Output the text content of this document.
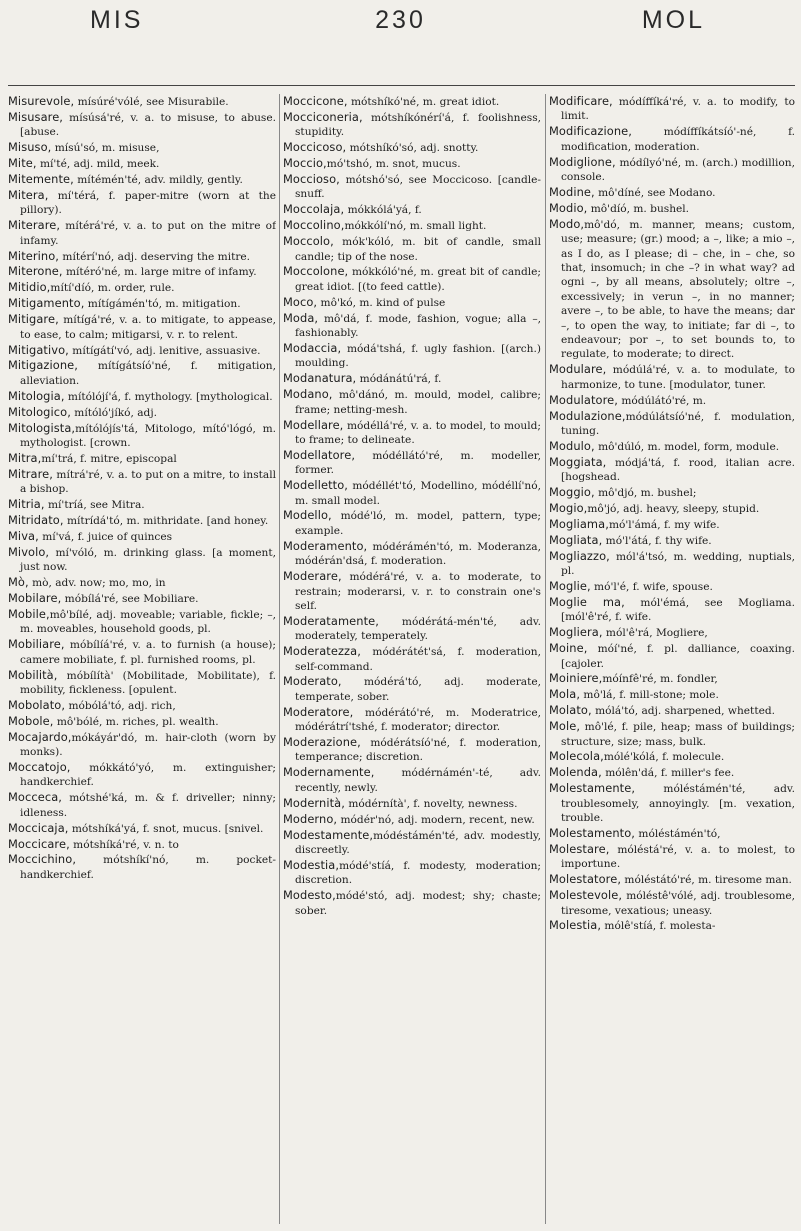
MIS	230	MOL
Misurevole, mísúré'vólé, see Misurabile.
Misusare, mísúsá'ré, v. a. to misuse, to abuse. [abuse.
Misuso, mísú'só, m. misuse,
Mite, mí'té, adj. mild, meek.
Mitemente, mítémén'té, adv. mildly, gently.
Mitera, mí'térá, f. paper-mitre (worn at the pillory).
Miterare, mítérá'ré, v. a. to put on the mitre of infamy.
Miterino, mítérí'nó, adj. deserving the mitre.
Miterone, mítéró'né, m. large mitre of infamy.
Mitidio,mítí'díó, m. order, rule.
Mitigamento, mítígámén'tó, m. mitigation.
Mitigare, mítígá'ré, v. a. to mitigate, to appease, to ease, to calm; mitigarsi, v. r. to relent.
Mitigativo, mítígátí'vó, adj. lenitive, assuasive.
Mitigazione, mítígátsíó'né, f. mitigation, alleviation.
Mitologia, mítólójí'á, f. mythology. [mythological.
Mitologico, mítóló'jíkó, adj.
Mitologista,mítólójís'tá, Mitologo, mító'lógó, m. mythologist. [crown.
Mitra,mí'trá, f. mitre, episcopal
Mitrare, mítrá'ré, v. a. to put on a mitre, to install a bishop.
Mitria, mí'tríá, see Mitra.
Mitridato, mítrídá'tó, m. mithridate. [and honey.
Miva, mí'vá, f. juice of quinces
Mivolo, mí'vóló, m. drinking glass. [a moment, just now.
Mò, mò, adv. now; mo, mo, in
Mobilare, móbílá'ré, see Mobiliare.
Mobile,mô'bílé, adj. moveable; variable, fickle; –, m. moveables, household goods, pl.
Mobiliare, móbílíá'ré, v. a. to furnish (a house); camere mobiliate, f. pl. furnished rooms, pl.
Mobilità, móbílítà' (Mobilitade, Mobilitate), f. mobility, fickleness. [opulent.
Mobolato, móbólá'tó, adj. rich,
Mobole, mô'bólé, m. riches, pl. wealth.
Mocajardo,mókáyár'dó, m. hair-cloth (worn by monks).
Moccatojo, mókkátó'yó, m. extinguisher; handkerchief.
Mocceca, mótshé'ká, m. & f. driveller; ninny; idleness.
Moccicaja, mótshíká'yá, f. snot, mucus. [snivel.
Moccicare, mótshíká'ré, v. n. to
Moccichino, mótshíkí'nó, m. pocket-handkerchief.
Moccicone, mótshíkó'né, m. great idiot.
Mocciconeria, mótshíkónérí'á, f. foolishness, stupidity.
Moccicoso, mótshíkó'só, adj. snotty.
Moccio,mó'tshó, m. snot, mucus.
Moccioso, mótshó'só, see Moccicoso. [candle-snuff.
Moccolaja, mókkólá'yá, f.
Moccolino,mókkólí'nó, m. small light.
Moccolo, mók'kóló, m. bit of candle, small candle; tip of the nose.
Moccolone, mókkóló'né, m. great bit of candle; great idiot. [(to feed cattle).
Moco, mô'kó, m. kind of pulse
Moda, mô'dá, f. mode, fashion, vogue; alla –, fashionably.
Modaccia, módá'tshá, f. ugly fashion. [(arch.) moulding.
Modanatura, módánátú'rá, f.
Modano, mô'dánó, m. mould, model, calibre; frame; netting-mesh.
Modellare, módéllá'ré, v. a. to model, to mould; to frame; to delineate.
Modellatore, módéllátó'ré, m. modeller, former.
Modelletto, módéllét'tó, Modellino, módéllí'nó, m. small model.
Modello, módé'ló, m. model, pattern, type; example.
Moderamento, módérámén'tó, m. Moderanza, módérán'dsá, f. moderation.
Moderare, módérá'ré, v. a. to moderate, to restrain; moderarsi, v. r. to constrain one's self.
Moderatamente, módérátá-mén'té, adv. moderately, temperately.
Moderatezza, módérátét'sá, f. moderation, self-command.
Moderato, módérá'tó, adj. moderate, temperate, sober.
Moderatore, módérátó'ré, m. Moderatrice, módérátrí'tshé, f. moderator; director.
Moderazione, módérátsíó'né, f. moderation, temperance; discretion.
Modernamente, módérnámén'-té, adv. recently, newly.
Modernità, módérnítà', f. novelty, newness.
Moderno, módér'nó, adj. modern, recent, new.
Modestamente,módéstámén'té, adv. modestly, discreetly.
Modestia,módé'stíá, f. modesty, moderation; discretion.
Modesto,módé'stó, adj. modest; shy; chaste; sober.
Modificare, módíffíká'ré, v. a. to modify, to limit.
Modificazione, módíffíkátsíó'-né, f. modification, moderation.
Modiglione, módílyó'né, m. (arch.) modillion, console.
Modine, mô'díné, see Modano.
Modio, mô'díó, m. bushel.
Modo,mô'dó, m. manner, means; custom, use; measure; (gr.) mood; a –, like; a mio –, as I do, as I please; di – che, in – che, so that, insomuch; in che –? in what way? ad ogni –, by all means, absolutely; oltre –, excessively; in verun –, in no manner; avere –, to be able, to have the means; dar –, to open the way, to initiate; far di –, to endeavour; por –, to set bounds to, to regulate, to moderate; to direct.
Modulare, módúlá'ré, v. a. to modulate, to harmonize, to tune. [modulator, tuner.
Modulatore, módúlátó'ré, m.
Modulazione,módúlátsíó'né, f. modulation, tuning.
Modulo, mô'dúló, m. model, form, module.
Moggiata, módjá'tá, f. rood, italian acre. [hogshead.
Moggio, mô'djó, m. bushel;
Mogio,mô'jó, adj. heavy, sleepy, stupid.
Mogliama,mó'l'ámá, f. my wife.
Mogliata, mó'l'átá, f. thy wife.
Mogliazzo, mól'á'tsó, m. wedding, nuptials, pl.
Moglie, mó'l'é, f. wife, spouse.
Moglie ma, mól'émá, see Mogliama. [mól'ê'ré, f. wife.
Mogliera, mól'ê'rá, Mogliere,
Moine, móí'né, f. pl. dalliance, coaxing. [cajoler.
Moiniere,móínfê'ré, m. fondler,
Mola, mô'lá, f. mill-stone; mole.
Molato, mólá'tó, adj. sharpened, whetted.
Mole, mô'lé, f. pile, heap; mass of buildings; structure, size; mass, bulk.
Molecola,mólé'kólá, f. molecule.
Molenda, mólên'dá, f. miller's fee.
Molestamente, móléstámén'té, adv. troublesomely, annoyingly. [m. vexation, trouble.
Molestamento, móléstámén'tó,
Molestare, móléstá'ré, v. a. to molest, to importune.
Molestatore, móléstátó'ré, m. tiresome man.
Molestevole, móléstê'vólé, adj. troublesome, tiresome, vexatious; uneasy.
Molestia, mólê'stíá, f. molesta-
